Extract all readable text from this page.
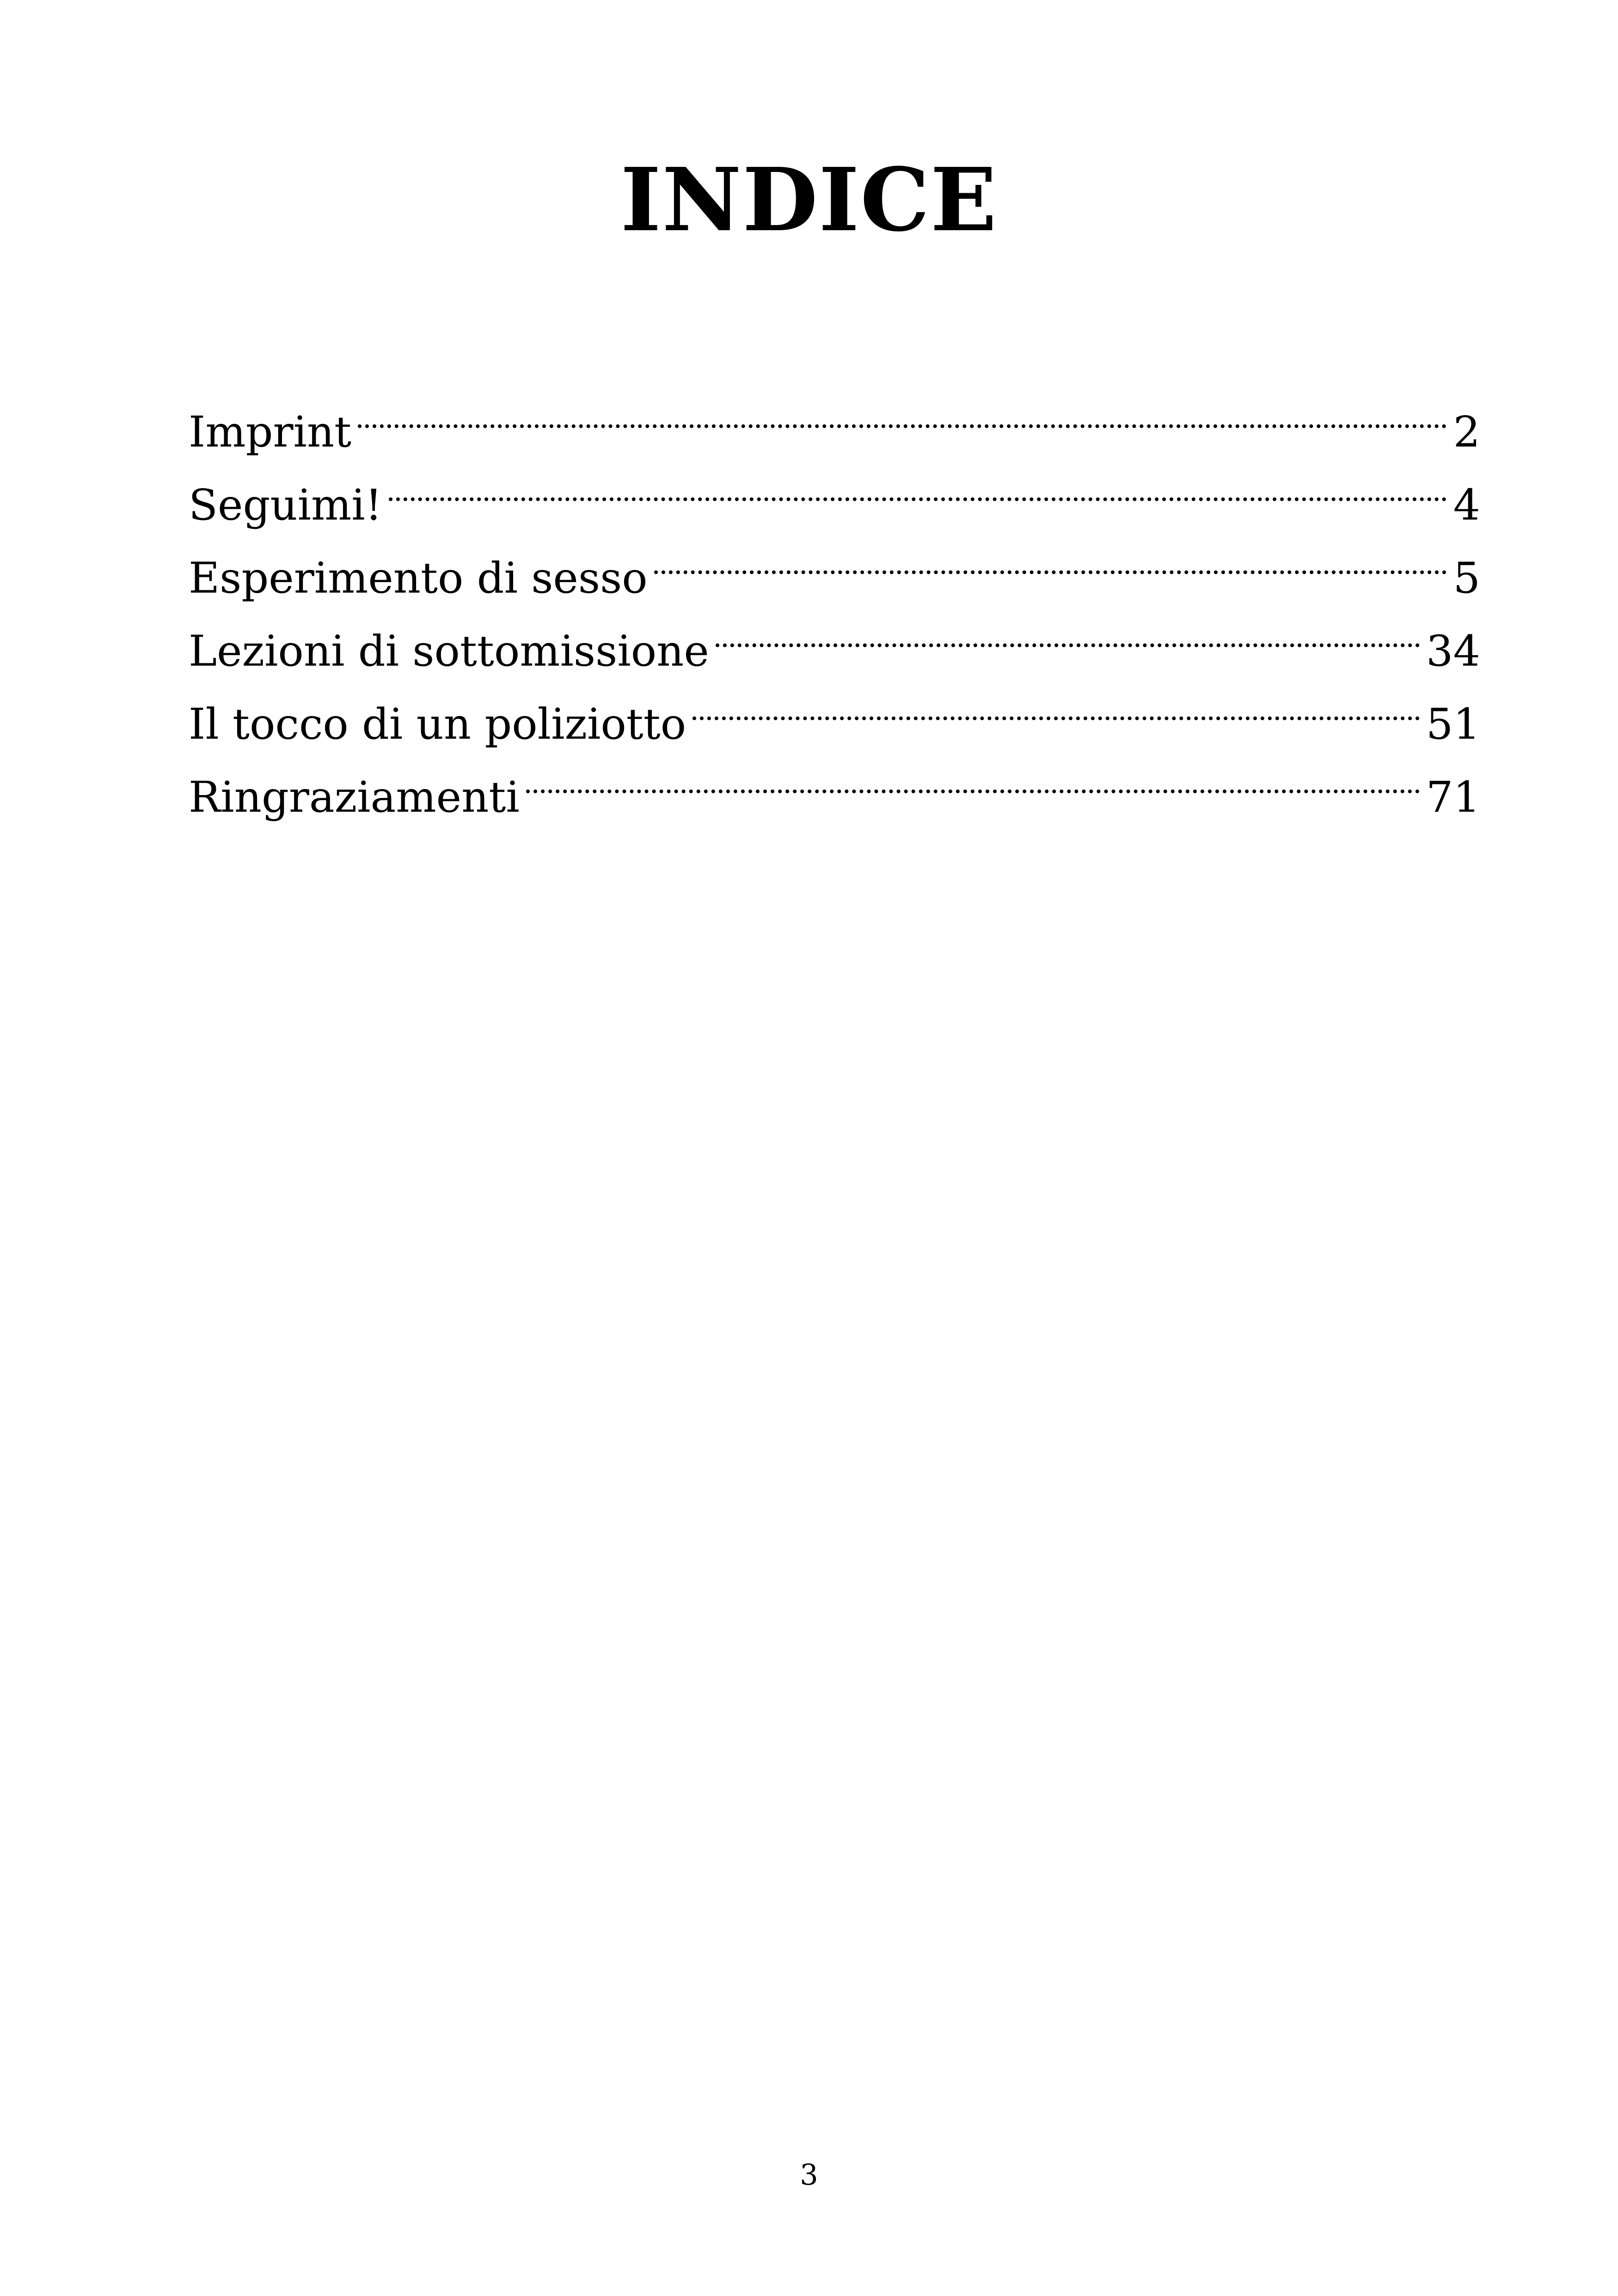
INDICE
Imprint	2
Seguimi!	4
Esperimento di sesso	5
Lezioni di sottomissione	34
Il tocco di un poliziotto	51
Ringraziamenti	71
3
